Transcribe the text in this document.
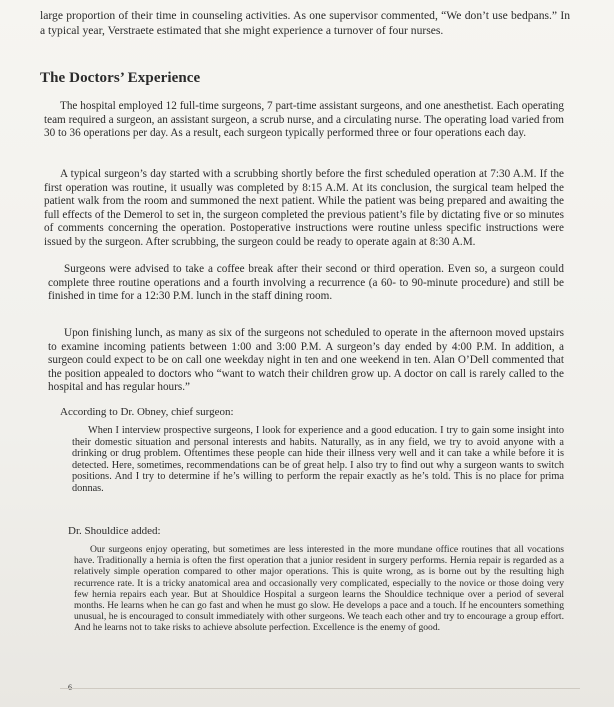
large proportion of their time in counseling activities. As one supervisor commented, “We don’t use bedpans.” In a typical year, Verstraete estimated that she might experience a turnover of four nurses.

The Doctors’ Experience

The hospital employed 12 full-time surgeons, 7 part-time assistant surgeons, and one anesthetist. Each operating team required a surgeon, an assistant surgeon, a scrub nurse, and a circulating nurse. The operating load varied from 30 to 36 operations per day. As a result, each surgeon typically performed three or four operations each day.

A typical surgeon’s day started with a scrubbing shortly before the first scheduled operation at 7:30 A.M. If the first operation was routine, it usually was completed by 8:15 A.M. At its conclusion, the surgical team helped the patient walk from the room and summoned the next patient. While the patient was being prepared and awaiting the full effects of the Demerol to set in, the surgeon completed the previous patient’s file by dictating five or so minutes of comments concerning the operation. Postoperative instructions were routine unless specific instructions were issued by the surgeon. After scrubbing, the surgeon could be ready to operate again at 8:30 A.M.

Surgeons were advised to take a coffee break after their second or third operation. Even so, a surgeon could complete three routine operations and a fourth involving a recurrence (a 60- to 90-minute procedure) and still be finished in time for a 12:30 P.M. lunch in the staff dining room.

Upon finishing lunch, as many as six of the surgeons not scheduled to operate in the afternoon moved upstairs to examine incoming patients between 1:00 and 3:00 P.M. A surgeon’s day ended by 4:00 P.M. In addition, a surgeon could expect to be on call one weekday night in ten and one weekend in ten. Alan O’Dell commented that the position appealed to doctors who “want to watch their children grow up. A doctor on call is rarely called to the hospital and has regular hours.”

According to Dr. Obney, chief surgeon:

When I interview prospective surgeons, I look for experience and a good education. I try to gain some insight into their domestic situation and personal interests and habits. Naturally, as in any field, we try to avoid anyone with a drinking or drug problem. Oftentimes these people can hide their illness very well and it can take a while before it is detected. Here, sometimes, recommendations can be of great help. I also try to find out why a surgeon wants to switch positions. And I try to determine if he’s willing to perform the repair exactly as he’s told. This is no place for prima donnas.

Dr. Shouldice added:

Our surgeons enjoy operating, but sometimes are less interested in the more mundane office routines that all vocations have. Traditionally a hernia is often the first operation that a junior resident in surgery performs. Hernia repair is regarded as a relatively simple operation compared to other major operations. This is quite wrong, as is borne out by the resulting high recurrence rate. It is a tricky anatomical area and occasionally very complicated, especially to the novice or those doing very few hernia repairs each year. But at Shouldice Hospital a surgeon learns the Shouldice technique over a period of several months. He learns when he can go fast and when he must go slow. He develops a pace and a touch. If he encounters something unusual, he is encouraged to consult immediately with other surgeons. We teach each other and try to encourage a group effort. And he learns not to take risks to achieve absolute perfection. Excellence is the enemy of good.
